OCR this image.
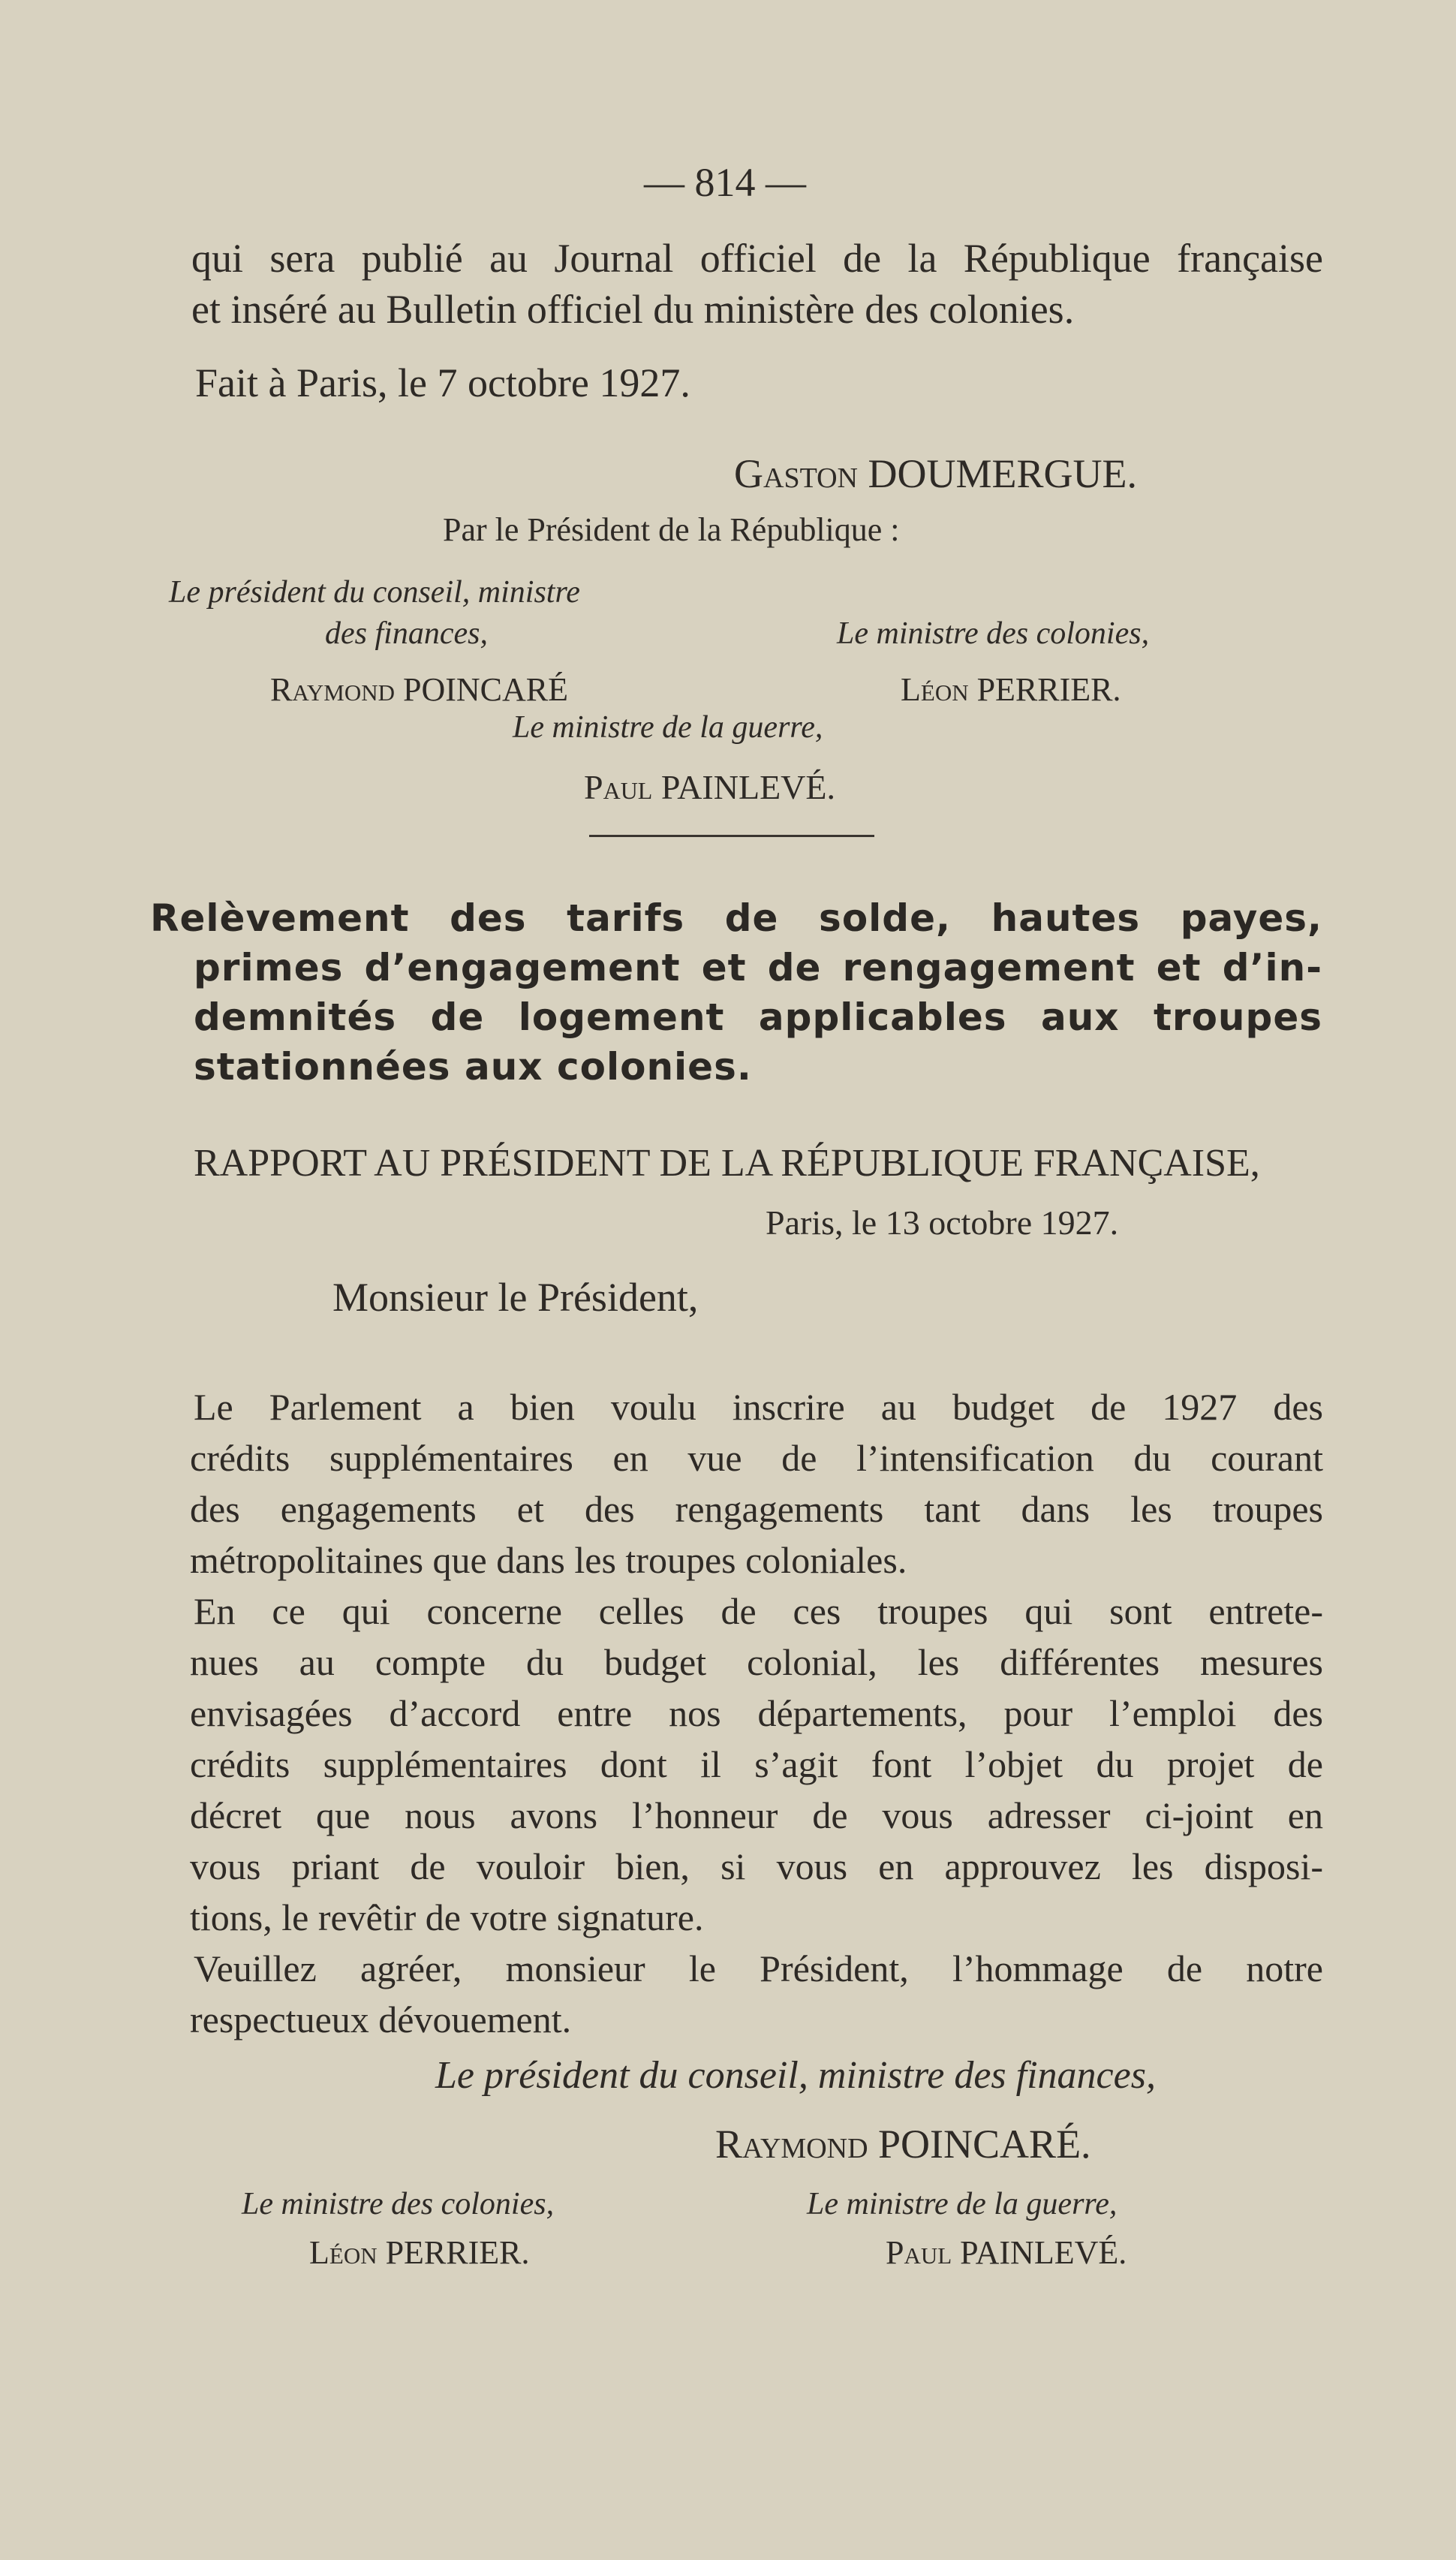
— 814 —
qui sera publié au Journal officiel de la République française
et inséré au Bulletin officiel du ministère des colonies.
Fait à Paris, le 7 octobre 1927.
Gaston DOUMERGUE.
Par le Président de la République :
Le président du conseil, ministre
des finances,	Le ministre des colonies,
Raymond POINCARÉ	Léon PERRIER.
Le ministre de la guerre,
Paul PAINLEVÉ.
Relèvement des tarifs de solde, hautes payes,
primes d’engagement et de rengagement et d’in-
demnités de logement applicables aux troupes
stationnées aux colonies.
RAPPORT AU PRÉSIDENT DE LA RÉPUBLIQUE FRANÇAISE,
Paris, le 13 octobre 1927.
Monsieur le Président,
Le Parlement a bien voulu inscrire au budget de 1927 des
crédits supplémentaires en vue de l’intensification du courant
des engagements et des rengagements tant dans les troupes
métropolitaines que dans les troupes coloniales.
En ce qui concerne celles de ces troupes qui sont entrete-
nues au compte du budget colonial, les différentes mesures
envisagées d’accord entre nos départements, pour l’emploi des
crédits supplémentaires dont il s’agit font l’objet du projet de
décret que nous avons l’honneur de vous adresser ci-joint en
vous priant de vouloir bien, si vous en approuvez les disposi-
tions, le revêtir de votre signature.
Veuillez agréer, monsieur le Président, l’hommage de notre
respectueux dévouement.
Le président du conseil, ministre des finances,
Raymond POINCARÉ.
Le ministre des colonies,	Le ministre de la guerre,
Léon PERRIER.	Paul PAINLEVÉ.
